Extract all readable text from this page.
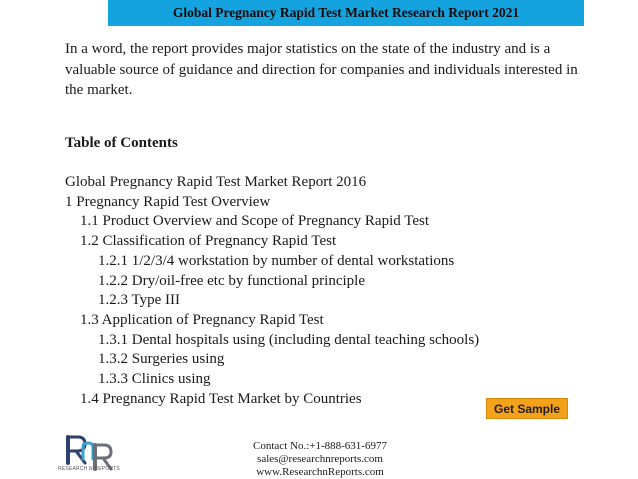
Global Pregnancy Rapid Test Market Research Report 2021

In a word, the report provides major statistics on the state of the industry and is a valuable source of guidance and direction for companies and individuals interested in the market.

Table of Contents

Global Pregnancy Rapid Test Market Report 2016
1 Pregnancy Rapid Test Overview
1.1 Product Overview and Scope of Pregnancy Rapid Test
1.2 Classification of Pregnancy Rapid Test
1.2.1 1/2/3/4 workstation by number of dental workstations
1.2.2 Dry/oil-free etc by functional principle
1.2.3 Type III
1.3 Application of Pregnancy Rapid Test
1.3.1 Dental hospitals using (including dental teaching schools)
1.3.2 Surgeries using
1.3.3 Clinics using
1.4 Pregnancy Rapid Test Market by Countries
Get Sample
RESEARCH N REPORTS
Contact No.:+1-888-631-6977
sales@researchnreports.com
www.ResearchnReports.com
